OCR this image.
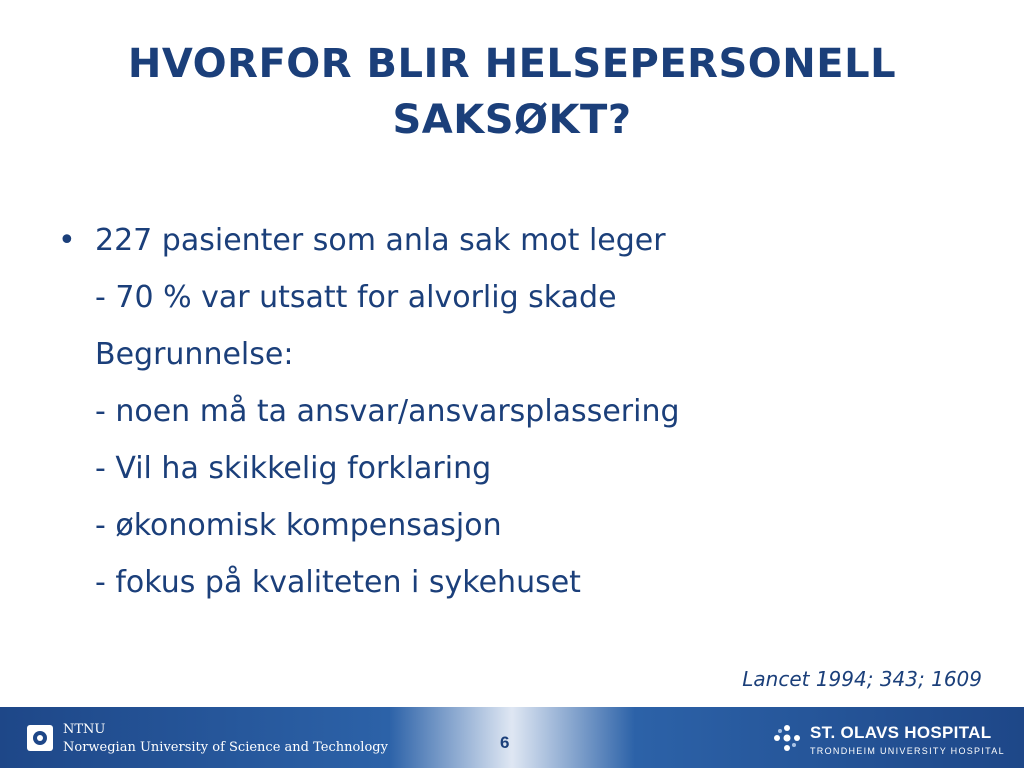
HVORFOR BLIR HELSEPERSONELL
SAKSØKT?
• 227 pasienter som anla sak mot leger
- 70 % var utsatt for alvorlig skade
Begrunnelse:
- noen må ta ansvar/ansvarsplassering
- Vil ha skikkelig forklaring
- økonomisk kompensasjon
- fokus på kvaliteten i sykehuset
Lancet 1994; 343; 1609
NTNU
Norwegian University of Science and Technology	6
ST. OLAVS HOSPITAL
TRONDHEIM UNIVERSITY HOSPITAL
